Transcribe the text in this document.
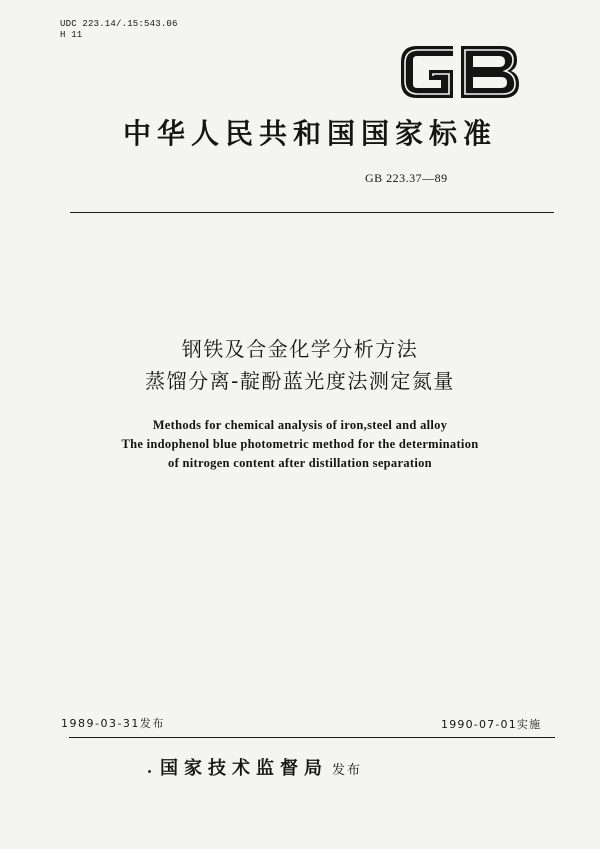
UDC 223.14/.15:543.06
H 11
中华人民共和国国家标准
GB 223.37—89
钢铁及合金化学分析方法
蒸馏分离-靛酚蓝光度法测定氮量
Methods for chemical analysis of iron,steel and alloy
The indophenol blue photometric method for the determination
of nitrogen content after distillation separation
1989-03-31发布	1990-07-01实施
国家技术监督局 发布
